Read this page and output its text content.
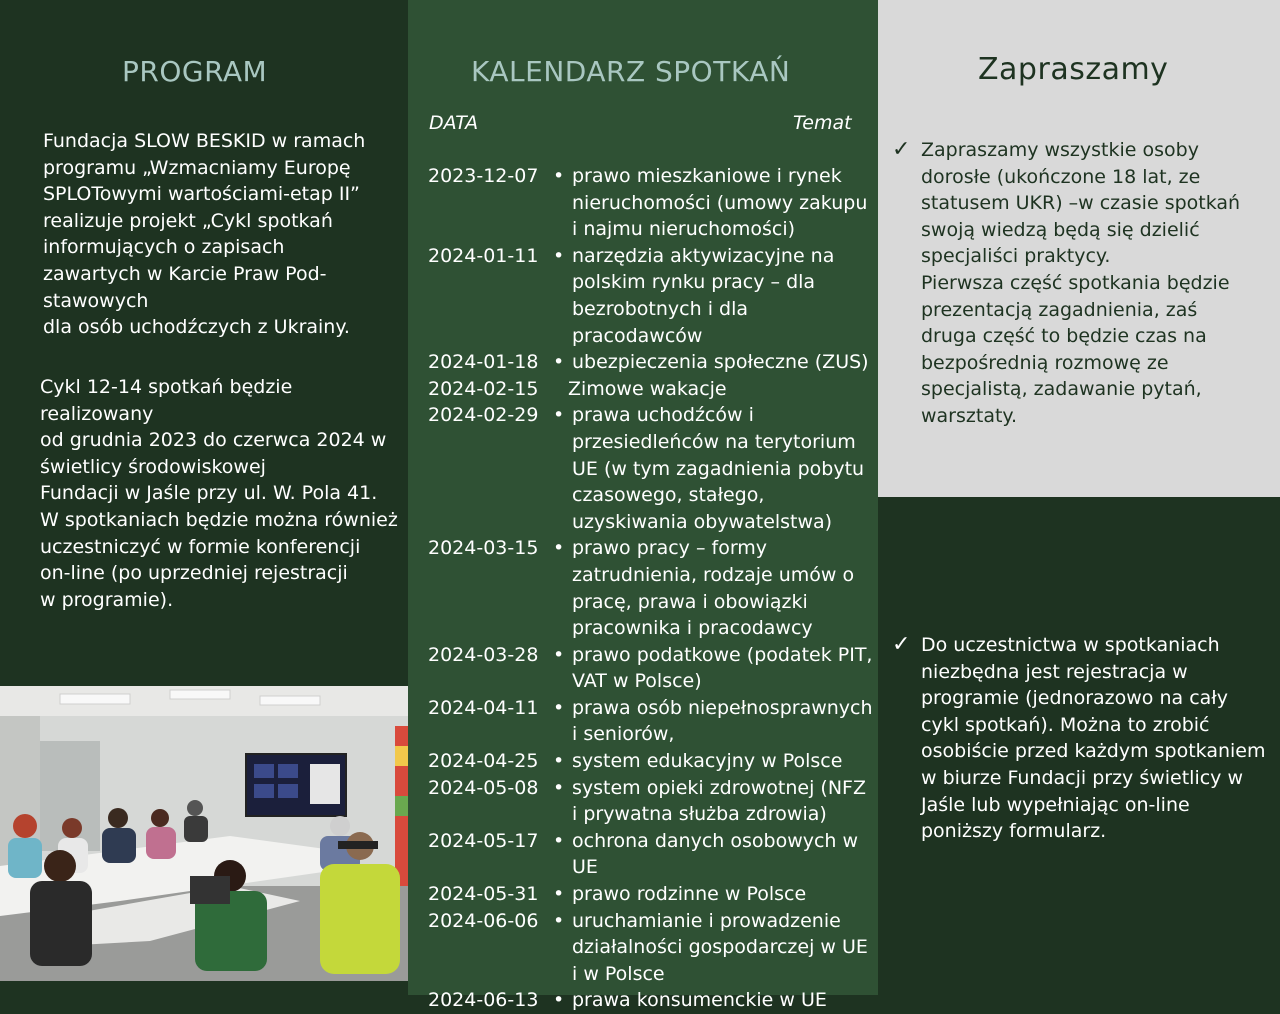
PROGRAM

Fundacja SLOW BESKID w ramach
programu „Wzmacniamy Europę
SPLOTowymi wartościami-etap II”
realizuje projekt „Cykl spotkań
informujących o zapisach
zawartych w Karcie Praw Pod-
stawowych
dla osób uchodźczych z Ukrainy.

Cykl 12-14 spotkań będzie realizowany
od grudnia 2023 do czerwca 2024 w
świetlicy środowiskowej
Fundacji w Jaśle przy ul. W. Pola 41.

W spotkaniach będzie można również
uczestniczyć w formie konferencji
on-line (po uprzedniej rejestracji
w programie).

KALENDARZ SPOTKAŃ
DATA	Temat
2023-12-07 • prawo mieszkaniowe i rynek
nieruchomości (umowy zakupu
i najmu nieruchomości)
2024-01-11 • narzędzia aktywizacyjne na
polskim rynku pracy – dla
bezrobotnych i dla pracodawców
2024-01-18 • ubezpieczenia społeczne (ZUS)
2024-02-15	Zimowe wakacje
2024-02-29 • prawa uchodźców i
przesiedleńców na terytorium
UE (w tym zagadnienia pobytu
czasowego, stałego,
uzyskiwania obywatelstwa)
2024-03-15 • prawo pracy – formy
zatrudnienia, rodzaje umów o
pracę, prawa i obowiązki
pracownika i pracodawcy
2024-03-28 • prawo podatkowe (podatek PIT,
VAT w Polsce)
2024-04-11 • prawa osób niepełnosprawnych
i seniorów,
2024-04-25 • system edukacyjny w Polsce
2024-05-08 • system opieki zdrowotnej (NFZ
i prywatna służba zdrowia)
2024-05-17 • ochrona danych osobowych w
UE
2024-05-31 • prawo rodzinne w Polsce
2024-06-06 • uruchamianie i prowadzenie
działalności gospodarczej w UE
i w Polsce
2024-06-13 • prawa konsumenckie w UE
Zapraszamy
✓ Zapraszamy wszystkie osoby
dorosłe (ukończone 18 lat, ze
statusem UKR) –w czasie spotkań
swoją wiedzą będą się dzielić
specjaliści praktycy.
Pierwsza część spotkania będzie
prezentacją zagadnienia, zaś
druga część to będzie czas na
bezpośrednią rozmowę ze
specjalistą, zadawanie pytań,
warsztaty.

✓ Do uczestnictwa w spotkaniach
niezbędna jest rejestracja w
programie (jednorazowo na cały
cykl spotkań). Można to zrobić
osobiście przed każdym spotkaniem
w biurze Fundacji przy świetlicy w
Jaśle lub wypełniając on-line
poniższy formularz.
